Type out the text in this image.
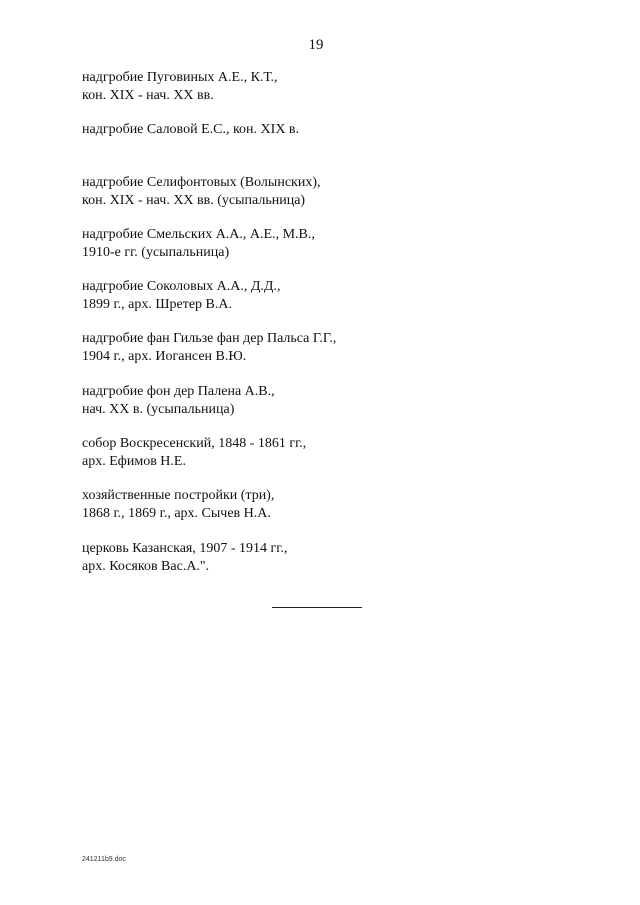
19
надгробие Пуговиных А.Е., К.Т.,
кон. XIX - нач. XX вв.
надгробие Саловой Е.С., кон. XIX в.
надгробие Селифонтовых (Волынских),
кон. XIX - нач. XX вв. (усыпальница)
надгробие Смельских А.А., А.Е., М.В.,
1910-е гг. (усыпальница)
надгробие Соколовых А.А., Д.Д.,
1899 г., арх. Шретер В.А.
надгробие фан Гильзе фан дер Пальса Г.Г.,
1904 г., арх. Иогансен В.Ю.
надгробие фон дер Палена А.В.,
нач. XX в. (усыпальница)
собор Воскресенский, 1848 - 1861 гг.,
арх. Ефимов Н.Е.
хозяйственные постройки (три),
1868 г., 1869 г., арх. Сычев Н.А.
церковь Казанская, 1907 - 1914 гг.,
арх. Косяков Вас.А.".
241211b9.doc
